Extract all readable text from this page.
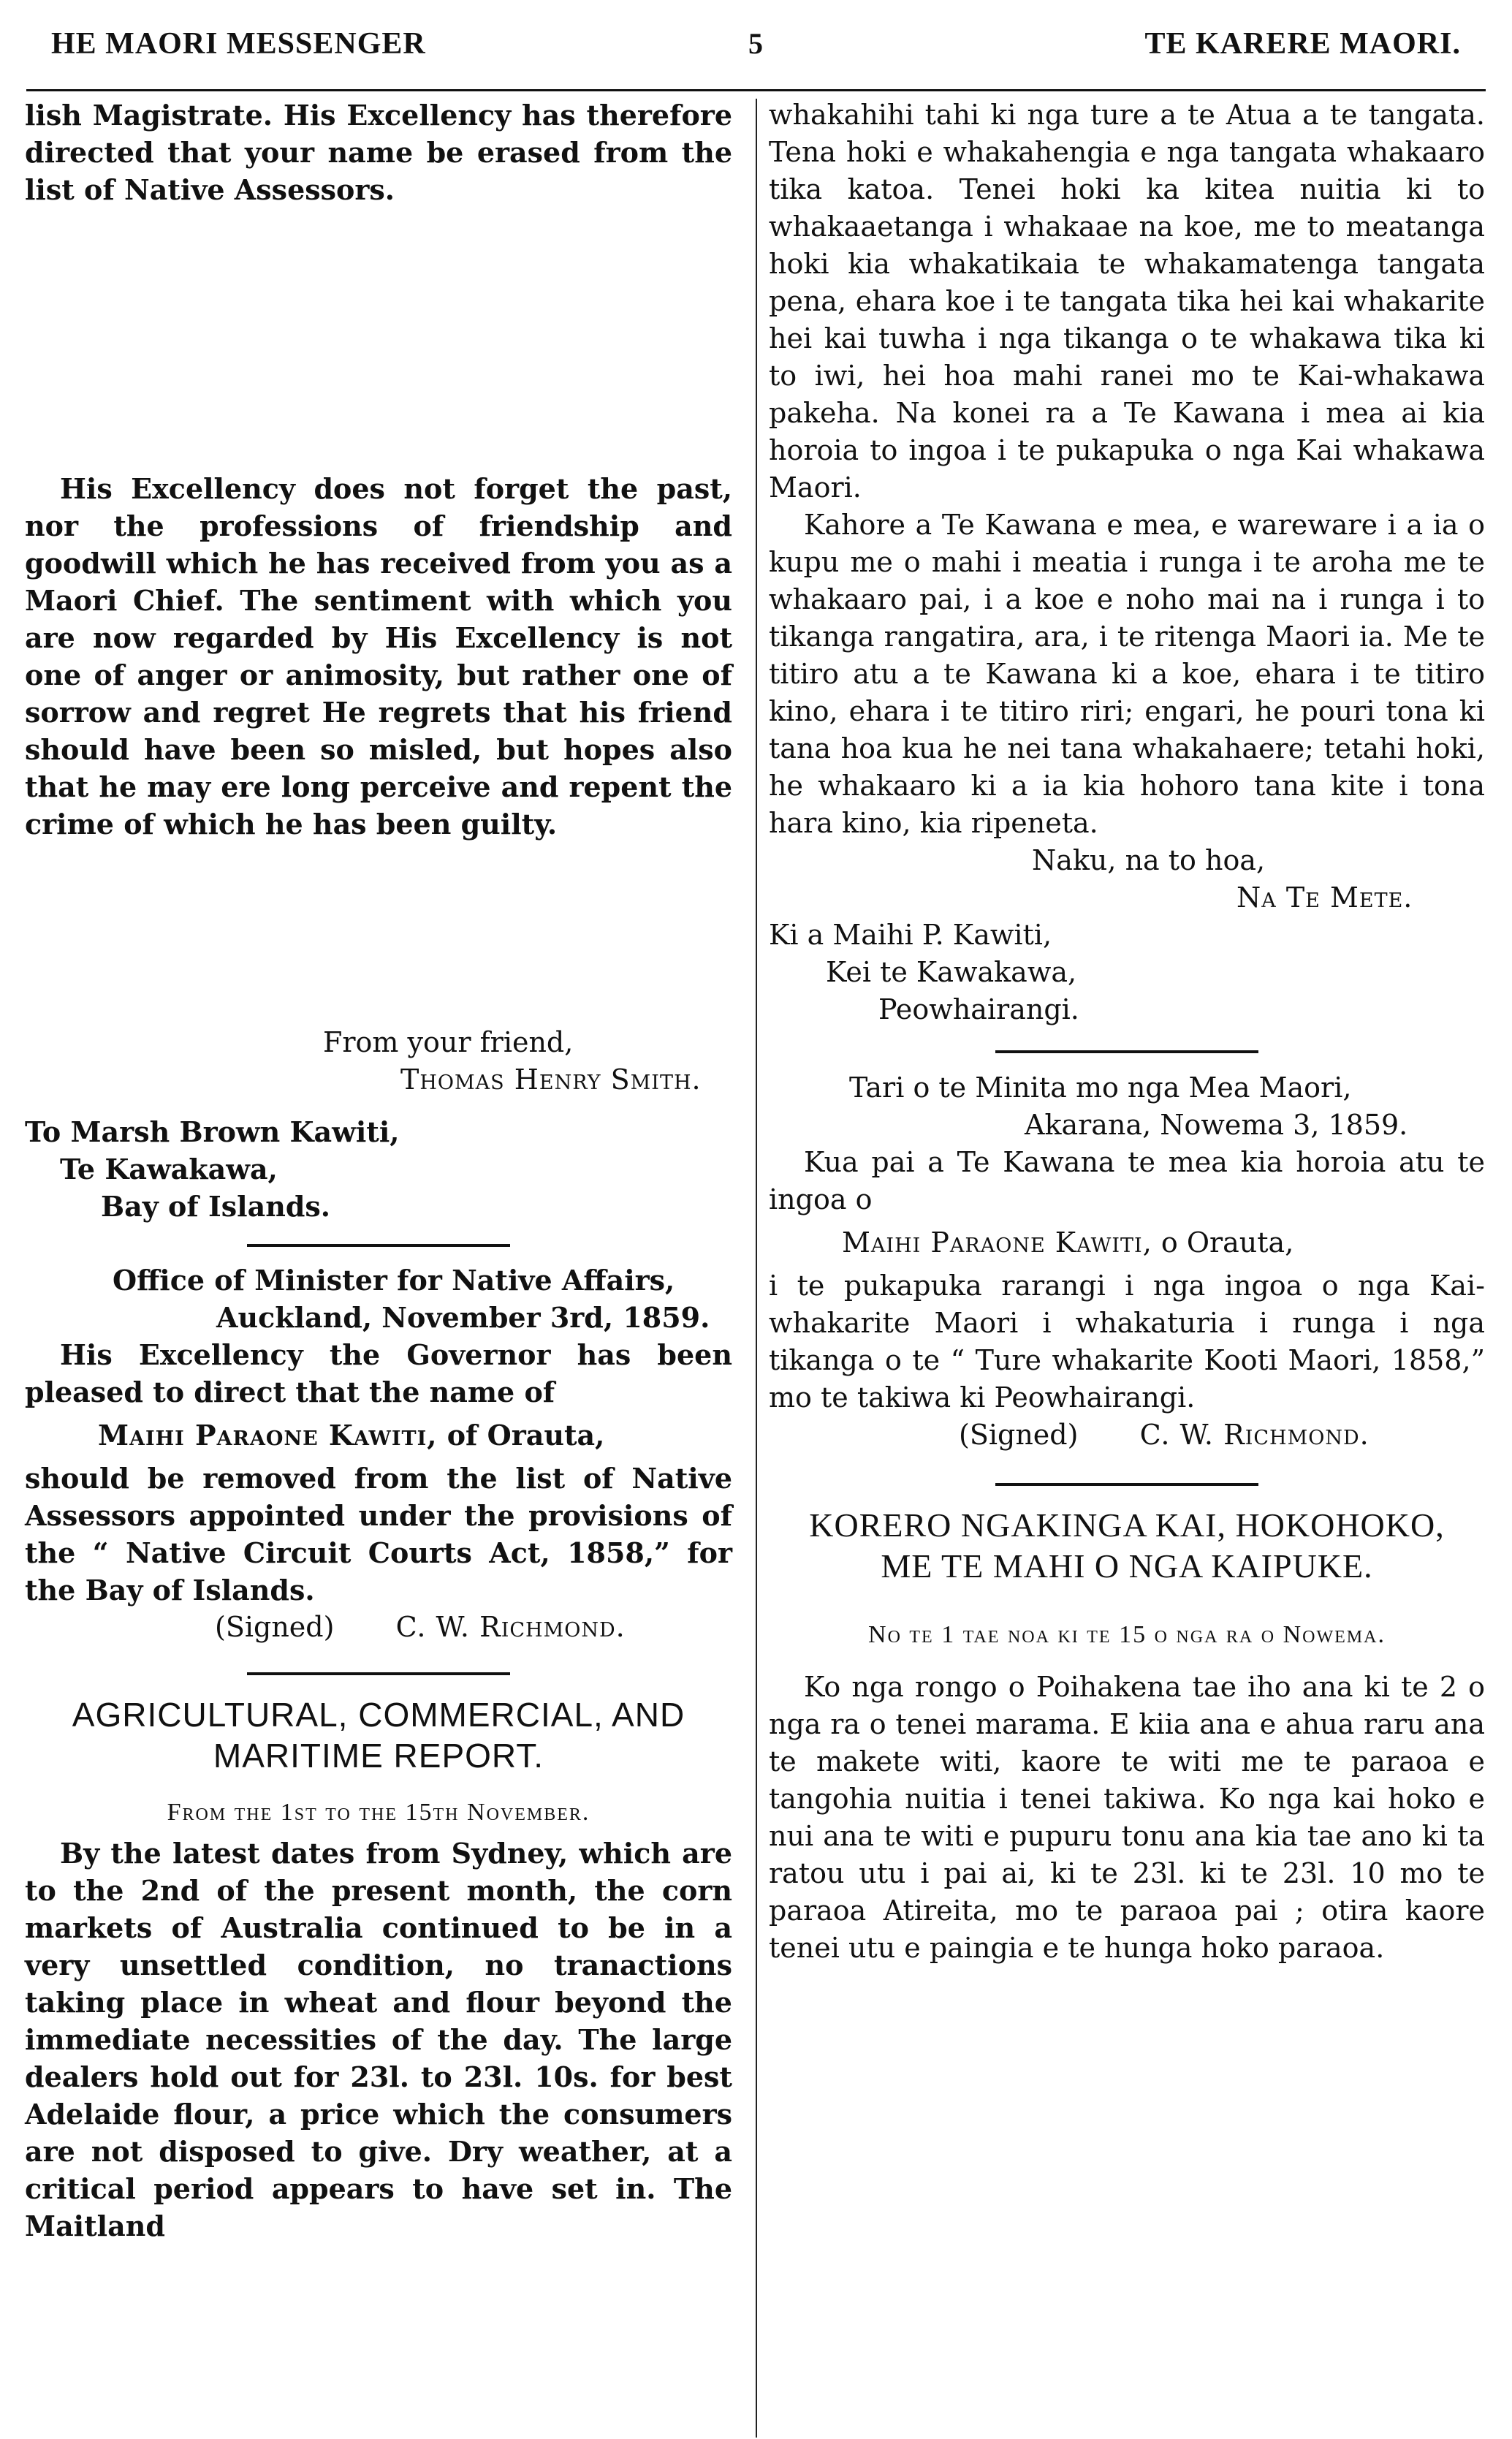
HE MAORI MESSENGER	5	TE KARERE MAORI.

lish Magistrate. His Excellency has therefore directed that your name be erased from the list of Native Assessors.

His Excellency does not forget the past, nor the professions of friendship and goodwill which he has received from you as a Maori Chief. The sentiment with which you are now regarded by His Excellency is not one of anger or animosity, but rather one of sorrow and regret He regrets that his friend should have been so misled, but hopes also that he may ere long perceive and repent the crime of which he has been guilty.

From your friend,

Thomas Henry Smith.

To Marsh Brown Kawiti,

Te Kawakawa,

Bay of Islands.

Office of Minister for Native Affairs,

Auckland, November 3rd, 1859.

His Excellency the Governor has been pleased to direct that the name of

Maihi Paraone Kawiti, of Orauta,

should be removed from the list of Native Assessors appointed under the provisions of the “ Native Circuit Courts Act, 1858,” for the Bay of Islands.

(Signed) C. W. Richmond.

AGRICULTURAL, COMMERCIAL, AND

MARITIME REPORT.

From the 1st to the 15th November.

By the latest dates from Sydney, which are to the 2nd of the present month, the corn markets of Australia continued to be in a very unsettled condition, no tranactions taking place in wheat and flour beyond the immediate necessities of the day. The large dealers hold out for 23l. to 23l. 10s. for best Adelaide flour, a price which the consumers are not disposed to give. Dry weather, at a critical period appears to have set in. The Maitland

whakahihi tahi ki nga ture a te Atua a te tangata. Tena hoki e whakahengia e nga tangata whakaaro tika katoa. Tenei hoki ka kitea nuitia ki to whakaaetanga i whakaae na koe, me to meatanga hoki kia whakatikaia te whakamatenga tangata pena, ehara koe i te tangata tika hei kai whakarite hei kai tuwha i nga tikanga o te whakawa tika ki to iwi, hei hoa mahi ranei mo te Kai-whakawa pakeha. Na konei ra a Te Kawana i mea ai kia horoia to ingoa i te pukapuka o nga Kai whakawa Maori.

Kahore a Te Kawana e mea, e wareware i a ia o kupu me o mahi i meatia i runga i te aroha me te whakaaro pai, i a koe e noho mai na i runga i to tikanga rangatira, ara, i te ritenga Maori ia. Me te titiro atu a te Kawana ki a koe, ehara i te titiro kino, ehara i te titiro riri; engari, he pouri tona ki tana hoa kua he nei tana whakahaere; tetahi hoki, he whakaaro ki a ia kia hohoro tana kite i tona hara kino, kia ripeneta.

Naku, na to hoa,

Na Te Mete.

Ki a Maihi P. Kawiti,

Kei te Kawakawa,

Peowhairangi.

Tari o te Minita mo nga Mea Maori,

Akarana, Nowema 3, 1859.

Kua pai a Te Kawana te mea kia horoia atu te ingoa o

Maihi Paraone Kawiti, o Orauta,

i te pukapuka rarangi i nga ingoa o nga Kai-whakarite Maori i whakaturia i runga i nga tikanga o te “ Ture whakarite Kooti Maori, 1858,” mo te takiwa ki Peowhairangi.

(Signed) C. W. Richmond.

KORERO NGAKINGA KAI, HOKOHOKO,

ME TE MAHI O NGA KAIPUKE.

No te 1 tae noa ki te 15 o nga ra o Nowema.

Ko nga rongo o Poihakena tae iho ana ki te 2 o nga ra o tenei marama. E kiia ana e ahua raru ana te makete witi, kaore te witi me te paraoa e tangohia nuitia i tenei takiwa. Ko nga kai hoko e nui ana te witi e pupuru tonu ana kia tae ano ki ta ratou utu i pai ai, ki te 23l. ki te 23l. 10 mo te paraoa Atireita, mo te paraoa pai ; otira kaore tenei utu e paingia e te hunga hoko paraoa.
